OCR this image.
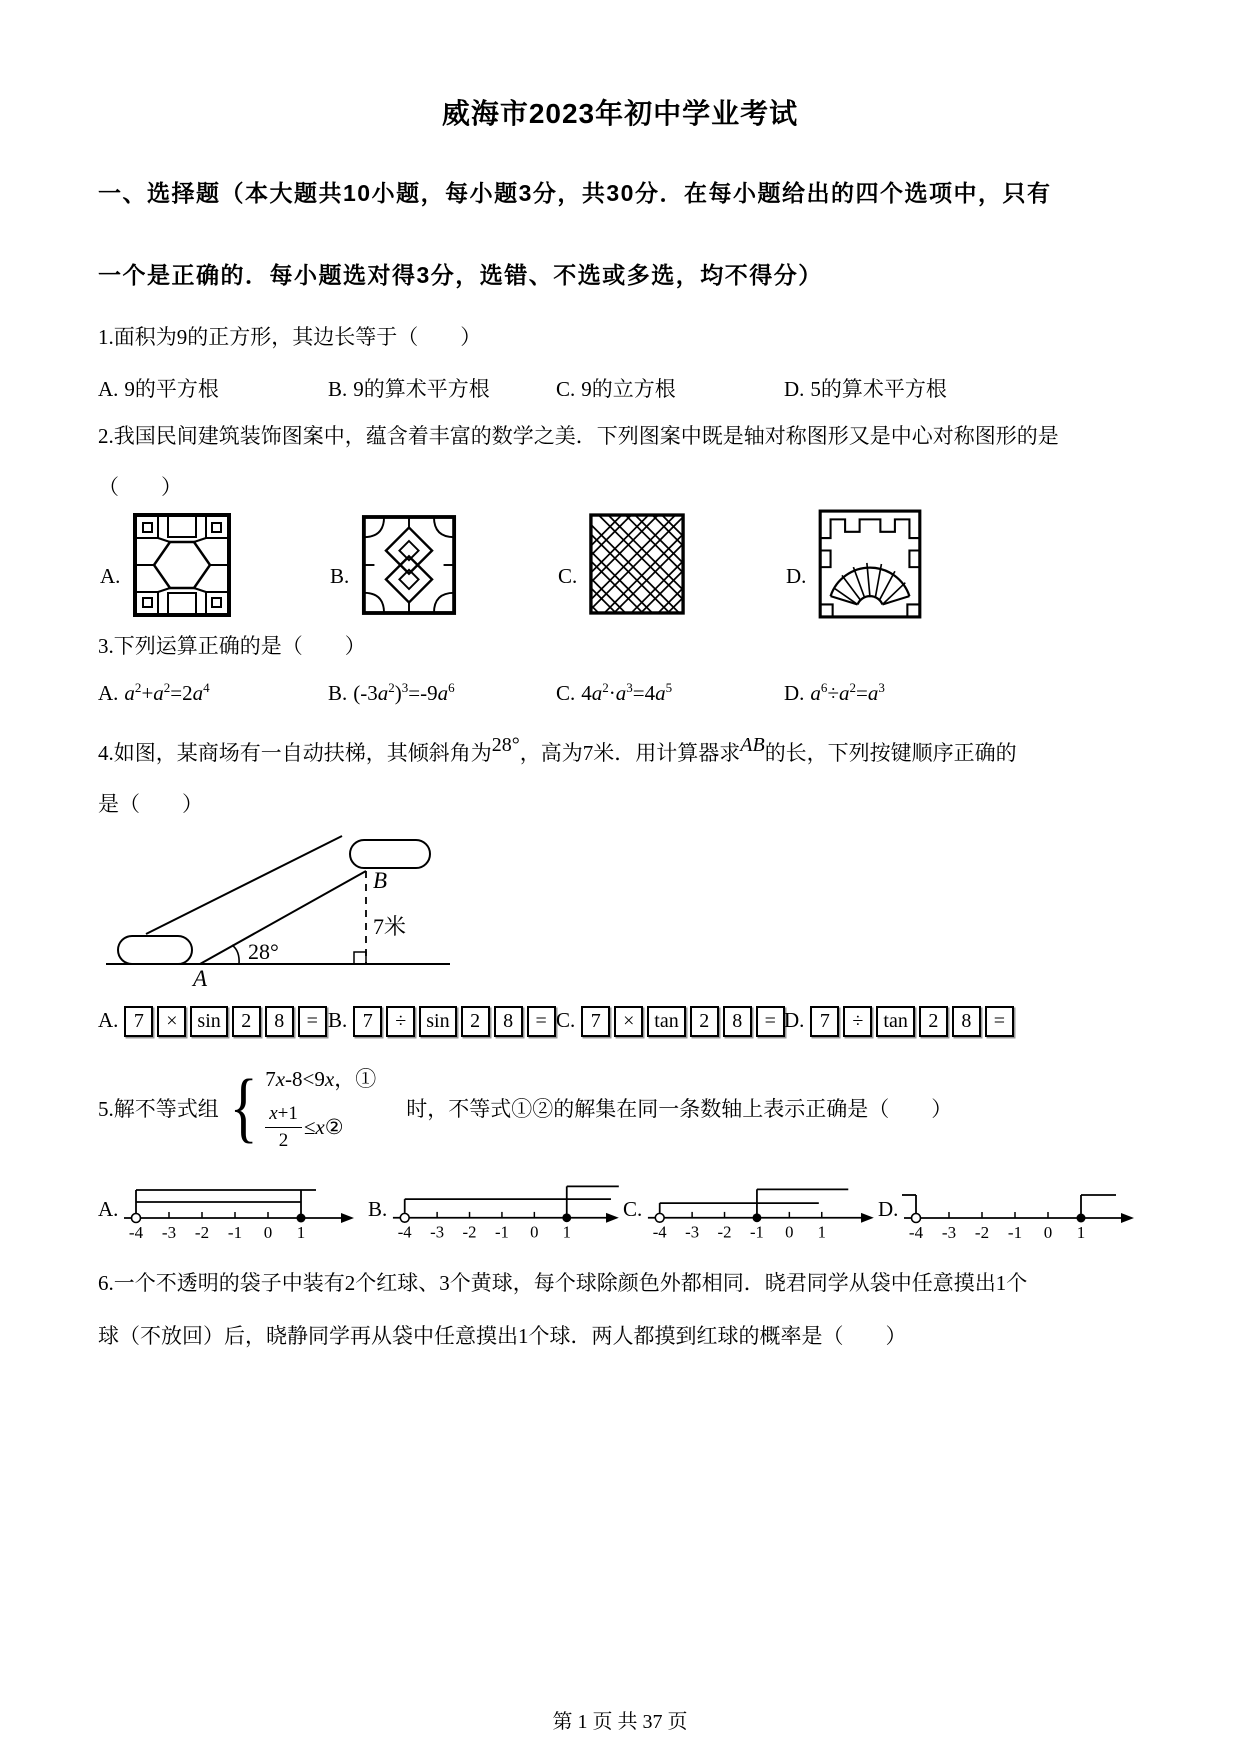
威海市2023年初中学业考试
一、选择题（本大题共10小题，每小题3分，共30分．在每小题给出的四个选项中，只有
一个是正确的．每小题选对得3分，选错、不选或多选，均不得分）
1.面积为9的正方形，其边长等于（　　）
A. 9的平方根	B. 9的算术平方根	C. 9的立方根	D. 5的算术平方根
2.我国民间建筑装饰图案中，蕴含着丰富的数学之美．下列图案中既是轴对称图形又是中心对称图形的是
（　　）
A.	B.	C.	D.
3.下列运算正确的是（　　）
A. $a^2+a^2=2a^4$	B. $(-3a^2)^3=-9a^6$	C. $4a^2\cdot a^3=4a^5$	D. $a^6\div a^2=a^3$
4.如图，某商场有一自动扶梯，其倾斜角为28°，高为7米．用计算器求AB的长，下列按键顺序正确的
是（　　）
B
7米
28°
A
A. 7	× sin	2	8	= B. 7	÷	sin	2	8	= C. 7	× tan	2	8	= D. 7	÷	tan	2	8	=
5.解不等式组 { 7x-8<9x，①
$\frac{x+1}{2}$ ≤x②
时，不等式①②的解集在同一条数轴上表示正确是（　　）
A.
-4 -3 -2 -1 0 1
B.
-4 -3 -2 -1 0 1
C.
-4 -3 -2 -1 0 1
D.
-4 -3 -2 -1 0 1
6.一个不透明的袋子中装有2个红球、3个黄球，每个球除颜色外都相同．晓君同学从袋中任意摸出1个
球（不放回）后，晓静同学再从袋中任意摸出1个球．两人都摸到红球的概率是（　　）
第 1 页 共 37 页
